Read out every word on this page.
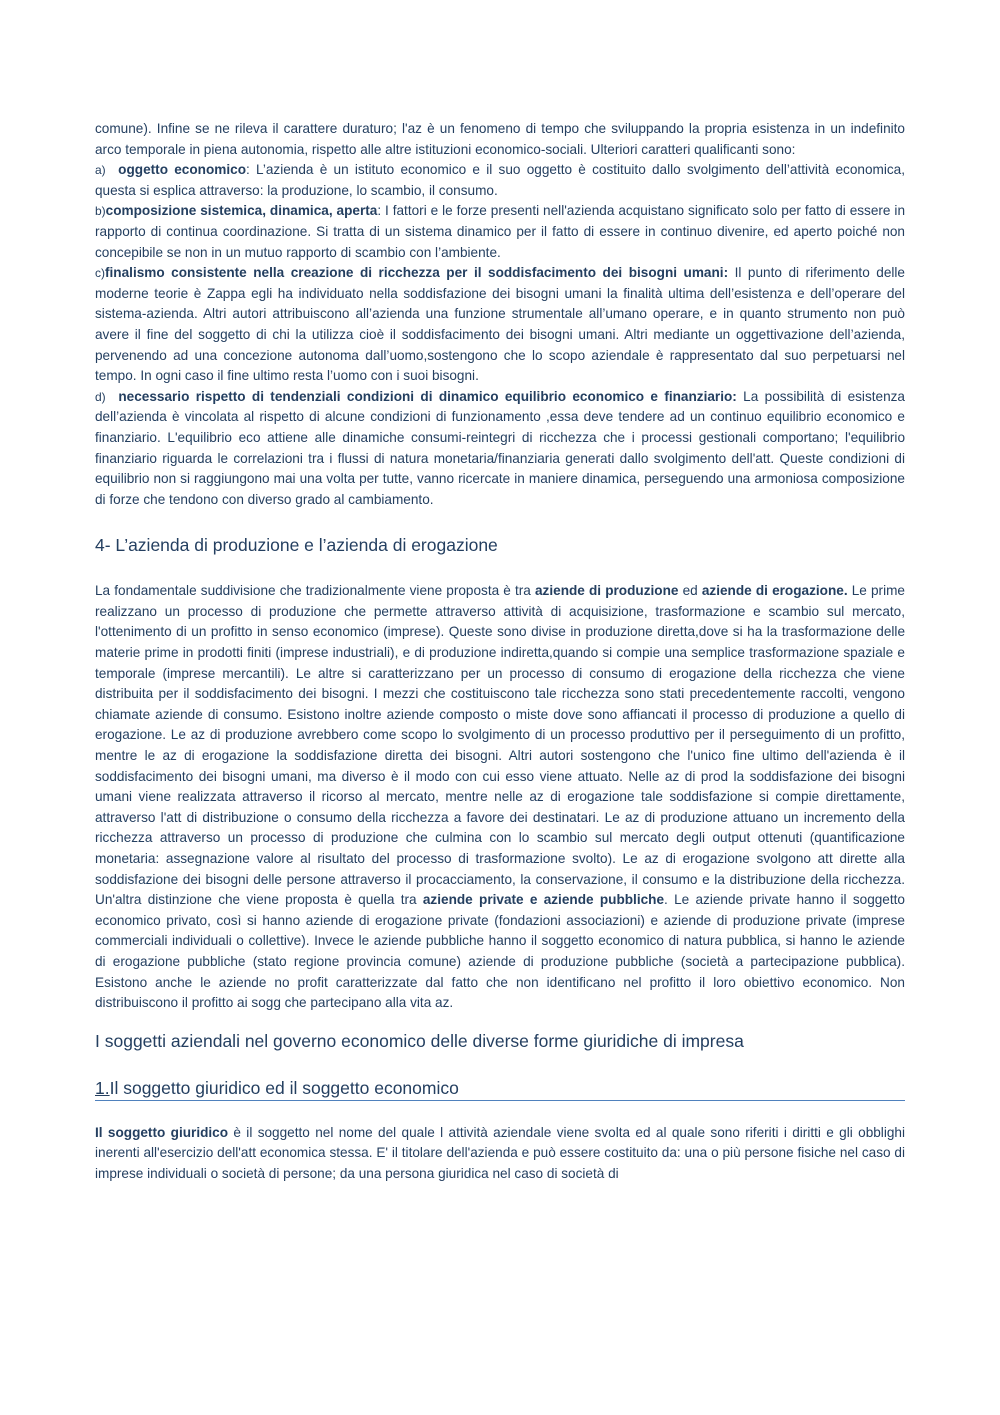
comune). Infine se ne rileva il carattere duraturo; l'az è un fenomeno di tempo che sviluppando la propria esistenza in un indefinito arco temporale in piena autonomia, rispetto alle altre istituzioni economico-sociali. Ulteriori caratteri qualificanti sono:

a) oggetto economico: L’azienda è un istituto economico e il suo oggetto è costituito dallo svolgimento dell’attività economica, questa si esplica attraverso: la produzione, lo scambio, il consumo.

b)composizione sistemica, dinamica, aperta: I fattori e le forze presenti nell'azienda acquistano significato solo per fatto di essere in rapporto di continua coordinazione. Si tratta di un sistema dinamico per il fatto di essere in continuo divenire, ed aperto poiché non concepibile se non in un mutuo rapporto di scambio con l’ambiente.

c)finalismo consistente nella creazione di ricchezza per il soddisfacimento dei bisogni umani: Il punto di riferimento delle moderne teorie è Zappa egli ha individuato nella soddisfazione dei bisogni umani la finalità ultima dell’esistenza e dell’operare del sistema-azienda. Altri autori attribuiscono all’azienda una funzione strumentale all’umano operare, e in quanto strumento non può avere il fine del soggetto di chi la utilizza cioè il soddisfacimento dei bisogni umani. Altri mediante un oggettivazione dell’azienda, pervenendo ad una concezione autonoma dall’uomo,sostengono che lo scopo aziendale è rappresentato dal suo perpetuarsi nel tempo. In ogni caso il fine ultimo resta l’uomo con i suoi bisogni.

d) necessario rispetto di tendenziali condizioni di dinamico equilibrio economico e finanziario: La possibilità di esistenza dell’azienda è vincolata al rispetto di alcune condizioni di funzionamento ,essa deve tendere ad un continuo equilibrio economico e finanziario. L'equilibrio eco attiene alle dinamiche consumi-reintegri di ricchezza che i processi gestionali comportano; l'equilibrio finanziario riguarda le correlazioni tra i flussi di natura monetaria/finanziaria generati dallo svolgimento dell'att. Queste condizioni di equilibrio non si raggiungono mai una volta per tutte, vanno ricercate in maniere dinamica, perseguendo una armoniosa composizione di forze che tendono con diverso grado al cambiamento.

4- L’azienda di produzione e l’azienda di erogazione

La fondamentale suddivisione che tradizionalmente viene proposta è tra aziende di produzione ed aziende di erogazione. Le prime realizzano un processo di produzione che permette attraverso attività di acquisizione, trasformazione e scambio sul mercato, l'ottenimento di un profitto in senso economico (imprese). Queste sono divise in produzione diretta,dove si ha la trasformazione delle materie prime in prodotti finiti (imprese industriali), e di produzione indiretta,quando si compie una semplice trasformazione spaziale e temporale (imprese mercantili). Le altre si caratterizzano per un processo di consumo di erogazione della ricchezza che viene distribuita per il soddisfacimento dei bisogni. I mezzi che costituiscono tale ricchezza sono stati precedentemente raccolti, vengono chiamate aziende di consumo. Esistono inoltre aziende composto o miste dove sono affiancati il processo di produzione a quello di erogazione. Le az di produzione avrebbero come scopo lo svolgimento di un processo produttivo per il perseguimento di un profitto, mentre le az di erogazione la soddisfazione diretta dei bisogni. Altri autori sostengono che l'unico fine ultimo dell'azienda è il soddisfacimento dei bisogni umani, ma diverso è il modo con cui esso viene attuato. Nelle az di prod la soddisfazione dei bisogni umani viene realizzata attraverso il ricorso al mercato, mentre nelle az di erogazione tale soddisfazione si compie direttamente, attraverso l'att di distribuzione o consumo della ricchezza a favore dei destinatari. Le az di produzione attuano un incremento della ricchezza attraverso un processo di produzione che culmina con lo scambio sul mercato degli output ottenuti (quantificazione monetaria: assegnazione valore al risultato del processo di trasformazione svolto). Le az di erogazione svolgono att dirette alla soddisfazione dei bisogni delle persone attraverso il procacciamento, la conservazione, il consumo e la distribuzione della ricchezza. Un'altra distinzione che viene proposta è quella tra aziende private e aziende pubbliche. Le aziende private hanno il soggetto economico privato, così si hanno aziende di erogazione private (fondazioni associazioni) e aziende di produzione private (imprese commerciali individuali o collettive). Invece le aziende pubbliche hanno il soggetto economico di natura pubblica, si hanno le aziende di erogazione pubbliche (stato regione provincia comune) aziende di produzione pubbliche (società a partecipazione pubblica). Esistono anche le aziende no profit caratterizzate dal fatto che non identificano nel profitto il loro obiettivo economico. Non distribuiscono il profitto ai sogg che partecipano alla vita az.

I soggetti aziendali nel governo economico delle diverse forme giuridiche di impresa
1.Il soggetto giuridico ed il soggetto economico

Il soggetto giuridico è il soggetto nel nome del quale l attività aziendale viene svolta ed al quale sono riferiti i diritti e gli obblighi inerenti all'esercizio dell'att economica stessa. E' il titolare dell'azienda e può essere costituito da: una o più persone fisiche nel caso di imprese individuali o società di persone; da una persona giuridica nel caso di società di
